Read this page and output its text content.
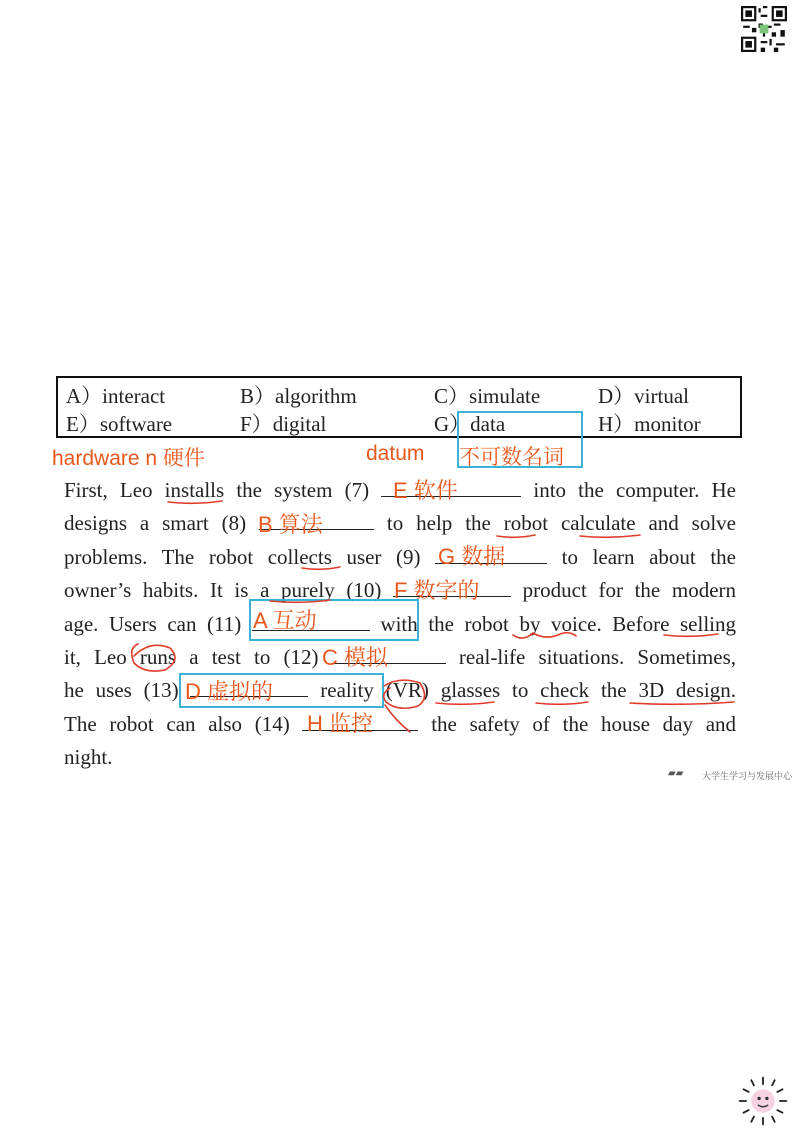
A）interact	B）algorithm	C）simulate	D）virtual
E）software	F）digital	G）data	H）monitor
hardware n 硬件	datum 不可数名词
First, Leo installs the system (7)	into the computer. He
designs a smart (8)	to help the robot calculate and solve
problems. The robot collects user (9)	to learn about the
owner’s habits. It is a purely (10)	product for the modern
age. Users can (11)	with the robot by voice. Before selling
it, Leo runs a test to (12)	real-life situations. Sometimes,
he uses (13)	reality (VR) glasses to check the 3D design.
The robot can also (14)	the safety of the house day and
night.
E 软件
B 算法
G 数据
F 数字的
A 互动
C 模拟
D 虚拟的
H 监控
▰▰ 大学生学习与发展中心
